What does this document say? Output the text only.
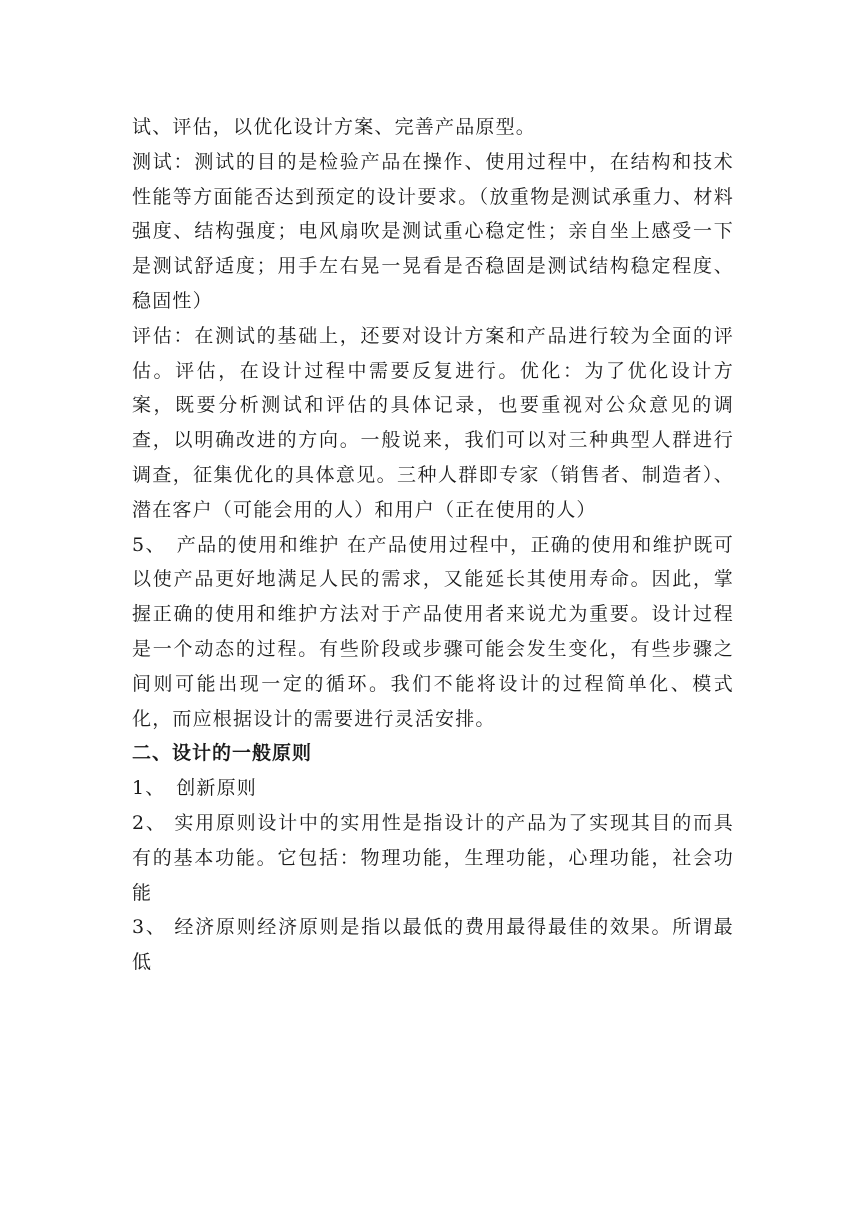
试、评估，以优化设计方案、完善产品原型。

测试：测试的目的是检验产品在操作、使用过程中，在结构和技术性能等方面能否达到预定的设计要求。（放重物是测试承重力、材料强度、结构强度；电风扇吹是测试重心稳定性；亲自坐上感受一下是测试舒适度；用手左右晃一晃看是否稳固是测试结构稳定程度、稳固性）

评估：在测试的基础上，还要对设计方案和产品进行较为全面的评估。评估，在设计过程中需要反复进行。优化：为了优化设计方案，既要分析测试和评估的具体记录，也要重视对公众意见的调查，以明确改进的方向。一般说来，我们可以对三种典型人群进行调查，征集优化的具体意见。三种人群即专家（销售者、制造者）、潜在客户（可能会用的人）和用户（正在使用的人）

5、　产品的使用和维护 在产品使用过程中，正确的使用和维护既可以使产品更好地满足人民的需求，又能延长其使用寿命。因此，掌握正确的使用和维护方法对于产品使用者来说尤为重要。设计过程是一个动态的过程。有些阶段或步骤可能会发生变化，有些步骤之间则可能出现一定的循环。我们不能将设计的过程简单化、模式化，而应根据设计的需要进行灵活安排。

二、设计的一般原则

1、　创新原则

2、 实用原则设计中的实用性是指设计的产品为了实现其目的而具有的基本功能。它包括：物理功能，生理功能，心理功能，社会功能

3、 经济原则经济原则是指以最低的费用最得最佳的效果。所谓最低
